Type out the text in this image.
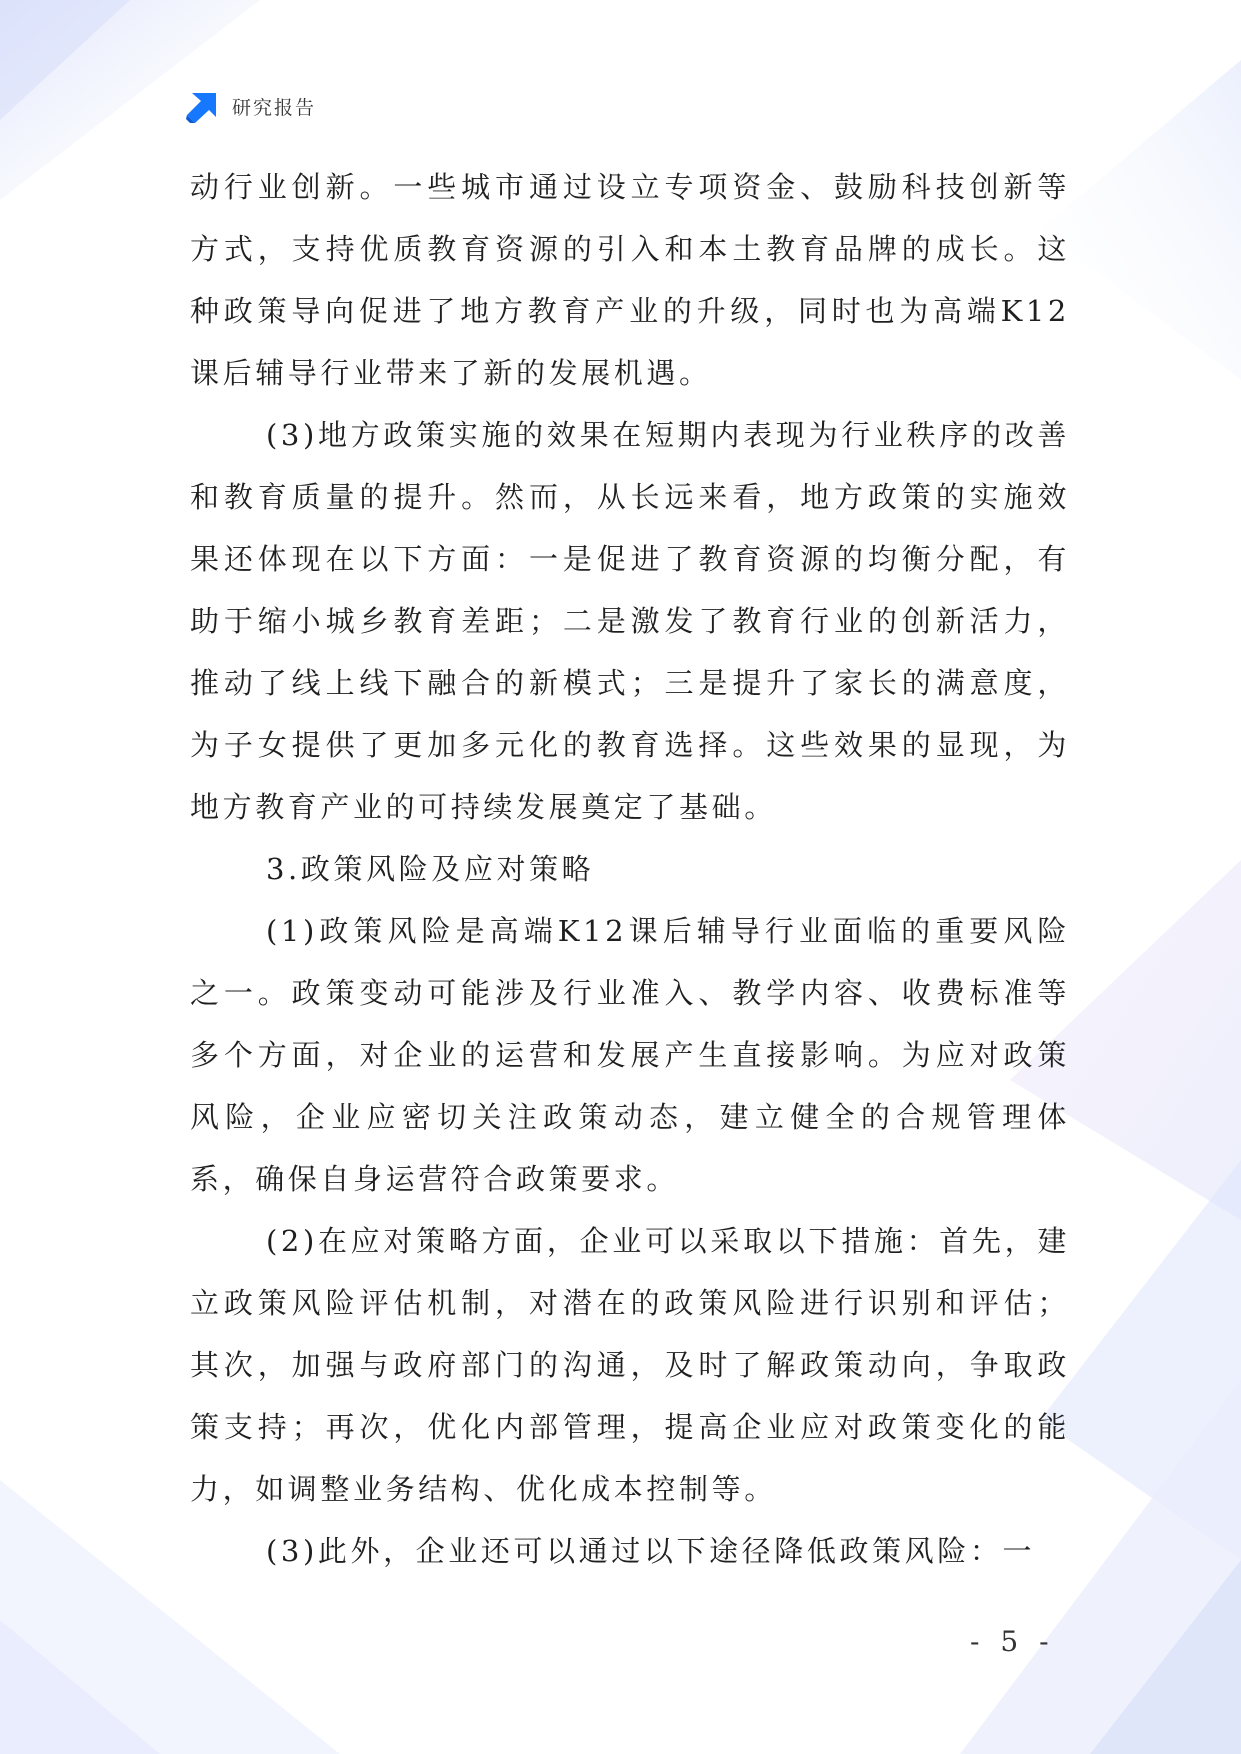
研究报告

动行业创新。一些城市通过设立专项资金、鼓励科技创新等方式，支持优质教育资源的引入和本土教育品牌的成长。这种政策导向促进了地方教育产业的升级，同时也为高端K12课后辅导行业带来了新的发展机遇。

(3)地方政策实施的效果在短期内表现为行业秩序的改善和教育质量的提升。然而，从长远来看，地方政策的实施效果还体现在以下方面：一是促进了教育资源的均衡分配，有助于缩小城乡教育差距；二是激发了教育行业的创新活力，推动了线上线下融合的新模式；三是提升了家长的满意度，为子女提供了更加多元化的教育选择。这些效果的显现，为地方教育产业的可持续发展奠定了基础。

3.政策风险及应对策略

(1)政策风险是高端K12课后辅导行业面临的重要风险之一。政策变动可能涉及行业准入、教学内容、收费标准等多个方面，对企业的运营和发展产生直接影响。为应对政策风险，企业应密切关注政策动态，建立健全的合规管理体系，确保自身运营符合政策要求。

(2)在应对策略方面，企业可以采取以下措施：首先，建立政策风险评估机制，对潜在的政策风险进行识别和评估；其次，加强与政府部门的沟通，及时了解政策动向，争取政策支持；再次，优化内部管理，提高企业应对政策变化的能力，如调整业务结构、优化成本控制等。

(3)此外，企业还可以通过以下途径降低政策风险：一

- 5 -
